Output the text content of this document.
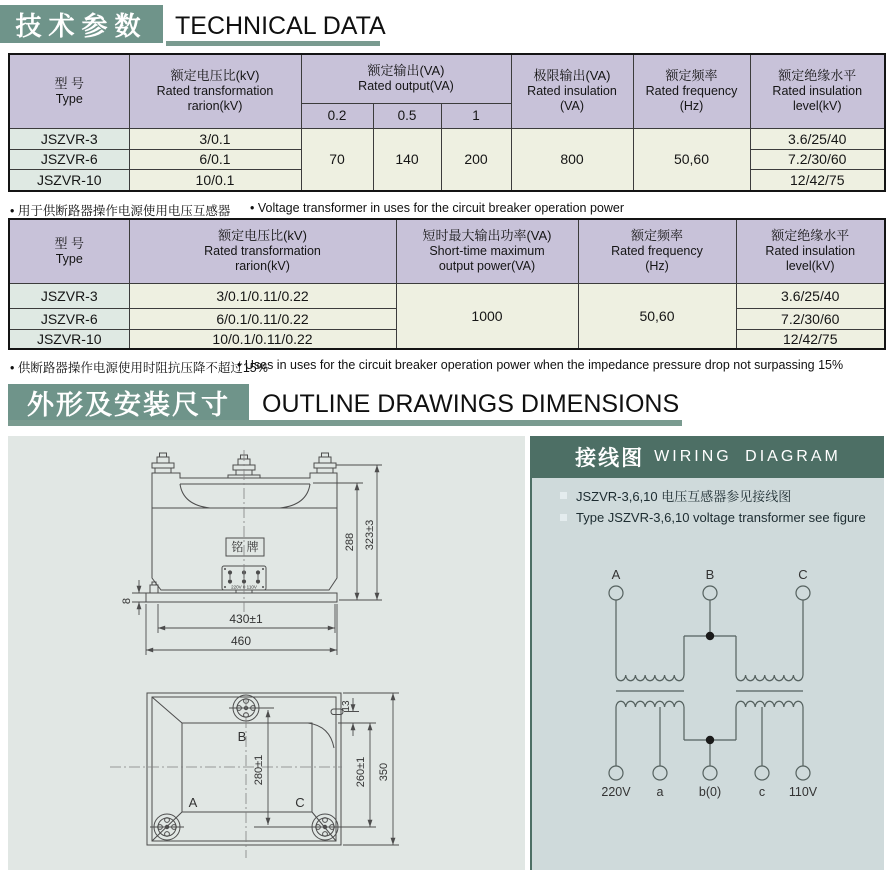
技术参数	TECHNICAL DATA
型 号
Type	额定电压比(kV)
Rated transformation
rarion(kV)	额定输出(VA)
Rated output(VA)			极限输出(VA)
Rated insulation
(VA)	额定频率
Rated frequency
(Hz)	额定绝缘水平
Rated insulation
level(kV)

		0.2	0.5	1			
JSZVR-3	3/0.1	70	140	200	800	50,60	3.6/25/40
JSZVR-6	6/0.1						7.2/30/60
JSZVR-10	10/0.1						12/42/75
• 用于供断路器操作电源使用电压互感器 • Voltage transformer in uses for the circuit breaker operation power
型 号
Type	额定电压比(kV)
Rated transformation
rarion(kV)	短时最大输出功率(VA)
Short-time maximum
output power(VA)	额定频率
Rated frequency
(Hz)	额定绝缘水平
Rated insulation
level(kV)

JSZVR-3	3/0.1/0.11/0.22	1000	50,60	3.6/25/40
JSZVR-6	6/0.1/0.11/0.22			7.2/30/60
JSZVR-10	10/0.1/0.11/0.22			12/42/75
• 供断路器操作电源使用时阻抗压降不超过15%
• Uses in uses for the circuit breaker operation power when the impedance pressure drop not surpassing 15%
外形及安装尺寸	OUTLINE DRAWINGS DIMENSIONS
铭 牌
220V 0 110V
288 323±3
8
430±1
460
B
A	C
280±1
13
260±1 350
接线图 WIRING DIAGRAM
JSZVR-3,6,10 电压互感器参见接线图
Type JSZVR-3,6,10 voltage transformer see figure
A	B	C
220V a	b(0)	c 110V
